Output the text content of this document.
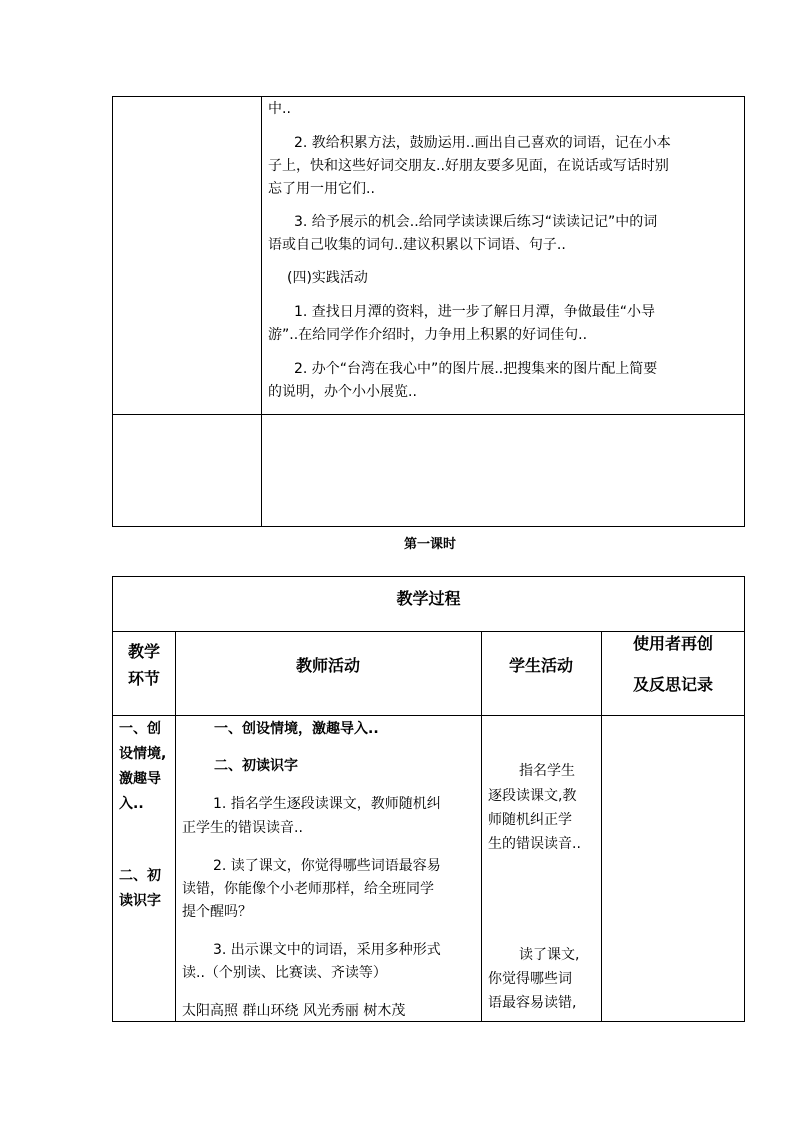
中..
2. 教给积累方法，鼓励运用..画出自己喜欢的词语，记在小本
子上，快和这些好词交朋友..好朋友要多见面，在说话或写话时别
忘了用一用它们..
3. 给予展示的机会..给同学读读课后练习“读读记记”中的词
语或自己收集的词句..建议积累以下词语、句子..
(四)实践活动
1. 查找日月潭的资料，进一步了解日月潭，争做最佳“小导
游”..在给同学作介绍时，力争用上积累的好词佳句..
2. 办个“台湾在我心中”的图片展..把搜集来的图片配上简要
的说明，办个小小展览..
第一课时
教学过程
教学
环节
教师活动	学生活动
使用者再创
及反思记录
一、创
设情境,
激趣导
入..
二、初
读识字
一、创设情境，激趣导入..
二、初读识字
1. 指名学生逐段读课文，教师随机纠
正学生的错误读音..
2. 读了课文，你觉得哪些词语最容易
读错，你能像个小老师那样，给全班同学
提个醒吗？
3. 出示课文中的词语，采用多种形式
读..（个别读、比赛读、齐读等）
太阳高照 群山环绕 风光秀丽 树木茂
指名学生
逐段读课文,教
师随机纠正学
生的错误读音..
读了课文,
你觉得哪些词
语最容易读错,
